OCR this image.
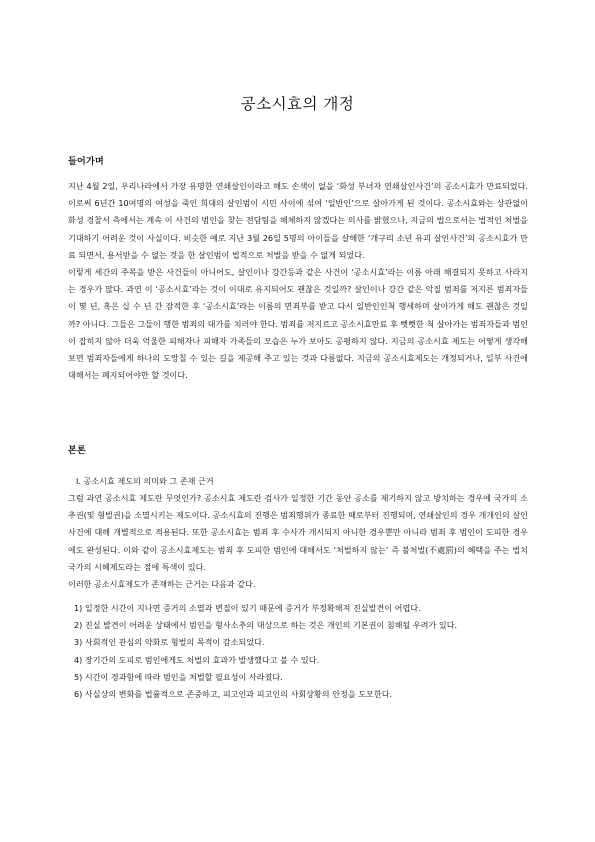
공소시효의 개정
들어가며

지난 4월 2일, 우리나라에서 가장 유명한 연쇄살인이라고 해도 손색이 없을 ‘화성 부녀자 연쇄살인사건’의 공소시효가 만료되었다. 이로써 6년간 10여명의 여성을 죽인 희대의 살인범이 시민 사이에 섞여 ‘일반인’으로 살아가게 된 것이다. 공소시효와는 상관없이 화성 경찰서 측에서는 계속 이 사건의 범인을 찾는 전담팀을 해체하지 않겠다는 의사를 밝혔으나, 지금의 법으로서는 법적인 처벌을 기대하기 어려운 것이 사실이다. 비슷한 예로 지난 3월 26일 5명의 아이들을 살해한 ‘개구리 소년 유괴 살인사건’의 공소시효가 만료 되면서, 용서받을 수 없는 것을 한 살인범이 법적으로 처벌을 받을 수 없게 되었다.

이렇게 세간의 주목을 받은 사건들이 아니어도, 살인이나 강간등과 같은 사건이 ‘공소시효’라는 이름 아래 해결되지 못하고 사라지는 경우가 많다. 과연 이 ‘공소시효’라는 것이 이대로 유지되어도 괜찮은 것일까? 살인이나 강간 같은 악질 범죄를 저지른 범죄자들이 몇 년, 혹은 십 수 년 간 잠적한 후 ‘공소시효’라는 이름의 면죄부를 받고 다시 일반인인척 행세하며 살아가게 해도 괜찮은 것일까? 아니다. 그들은 그들이 행한 범죄의 대가를 치러야 한다. 범죄를 저지르고 공소시효만료 후 뻣뻣한 척 살아가는 범죄자들과 범인이 잡히지 않아 더욱 억울한 피해자나 피해자 가족들의 모습은 누가 보아도 공평하지 않다. 지금의 공소시효 제도는 어떻게 생각해 보면 범죄자들에게 하나의 도망칠 수 있는 길을 제공해 주고 있는 것과 다름없다. 지금의 공소시효제도는 개정되거나, 일부 사건에 대해서는 폐지되어야만 할 것이다.

본론
Ⅰ. 공소시효 제도의 의미와 그 존재 근거

그럼 과연 공소시효 제도란 무엇인가? 공소시효 제도란 검사가 일정한 기간 동안 공소를 제기하지 않고 방치하는 경우에 국가의 소추권(및 형벌권)을 소멸시키는 제도이다. 공소시효의 진행은 범죄행위가 종료한 때로부터 진행되며, 연쇄살인의 경우 개개인의 살인사건에 대해 개별적으로 적용된다. 또한 공소시효는 범죄 후 수사가 개시되지 아니한 경우뿐만 아니라 범죄 후 범인이 도피한 경우에도 완성된다. 이와 같이 공소시효제도는 범죄 후 도피한 범인에 대해서도 ‘처벌하지 않는’ 즉 불처벌(不處罰)의 혜택을 주는 법치국가의 시혜제도라는 점에 특색이 있다.

이러한 공소시효제도가 존재하는 근거는 다음과 같다.

1) 일정한 시간이 지나면 증거의 소멸과 변질이 있기 때문에 증거가 부정확해져 진실발견이 어렵다.
2) 진실 발견이 어려운 상태에서 범인을 형사소추의 대상으로 하는 것은 개인의 기본권이 침해될 우려가 있다.
3) 사회적인 관심의 약화로 형벌의 목적이 감소되었다.
4) 장기간의 도피로 범인에게도 처벌의 효과가 발생했다고 볼 수 있다.
5) 시간이 경과함에 따라 범인을 처벌할 필요성이 사라졌다.
6) 사실상의 변화를 법률적으로 존중하고, 피고인과 피고인의 사회상황의 안정을 도모한다.
